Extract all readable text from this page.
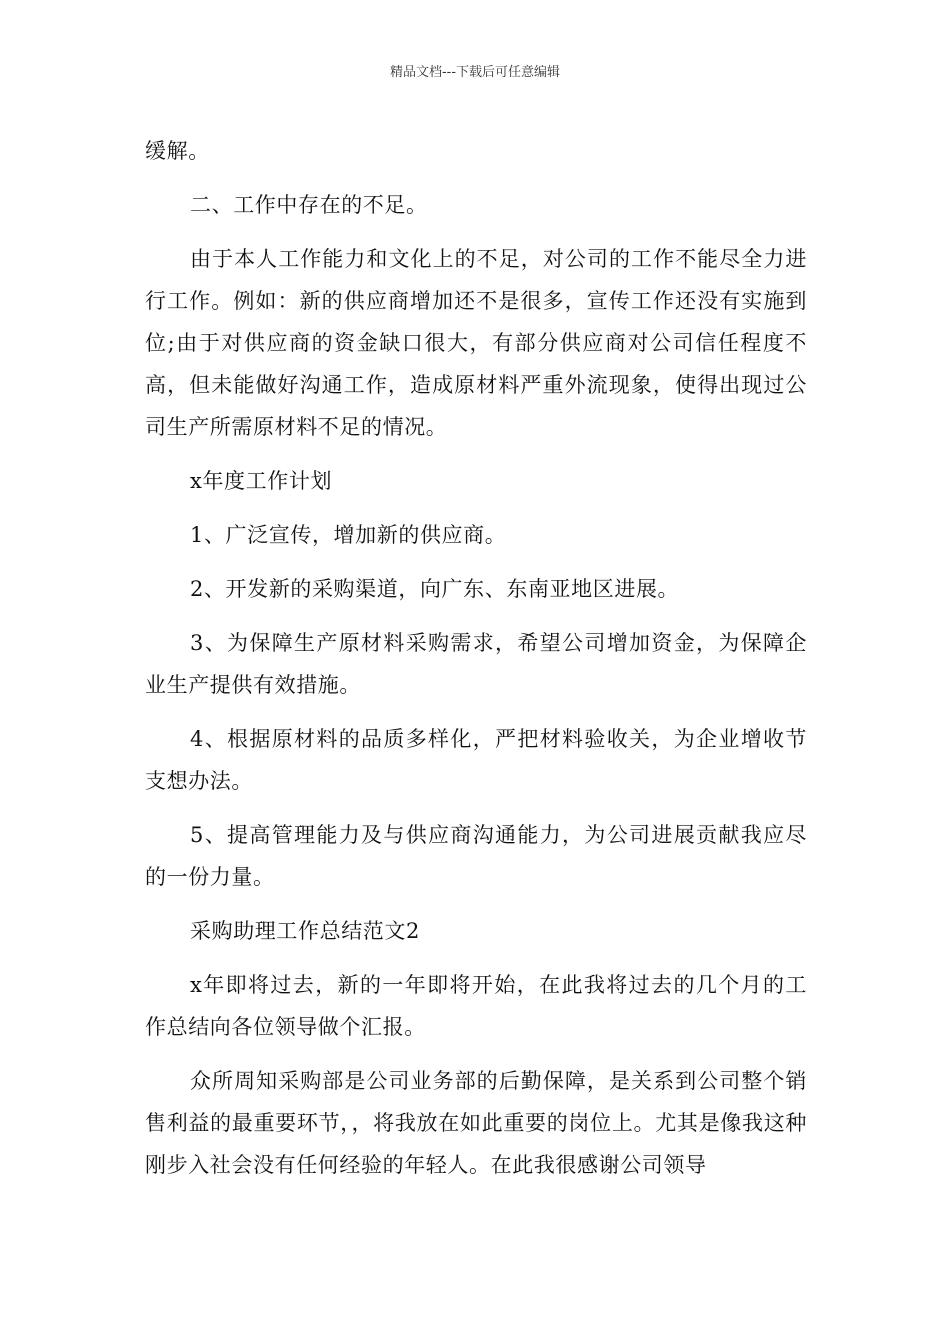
精品文档---下载后可任意编辑

缓解。

二、工作中存在的不足。

由于本人工作能力和文化上的不足，对公司的工作不能尽全力进行工作。例如：新的供应商增加还不是很多，宣传工作还没有实施到位;由于对供应商的资金缺口很大，有部分供应商对公司信任程度不高，但未能做好沟通工作，造成原材料严重外流现象，使得出现过公司生产所需原材料不足的情况。

x年度工作计划

1、广泛宣传，增加新的供应商。

2、开发新的采购渠道，向广东、东南亚地区进展。

3、为保障生产原材料采购需求，希望公司增加资金，为保障企业生产提供有效措施。

4、根据原材料的品质多样化，严把材料验收关，为企业增收节支想办法。

5、提高管理能力及与供应商沟通能力，为公司进展贡献我应尽的一份力量。

采购助理工作总结范文2

x年即将过去，新的一年即将开始，在此我将过去的几个月的工作总结向各位领导做个汇报。

众所周知采购部是公司业务部的后勤保障，是关系到公司整个销售利益的最重要环节，，将我放在如此重要的岗位上。尤其是像我这种刚步入社会没有任何经验的年轻人。在此我很感谢公司领导
